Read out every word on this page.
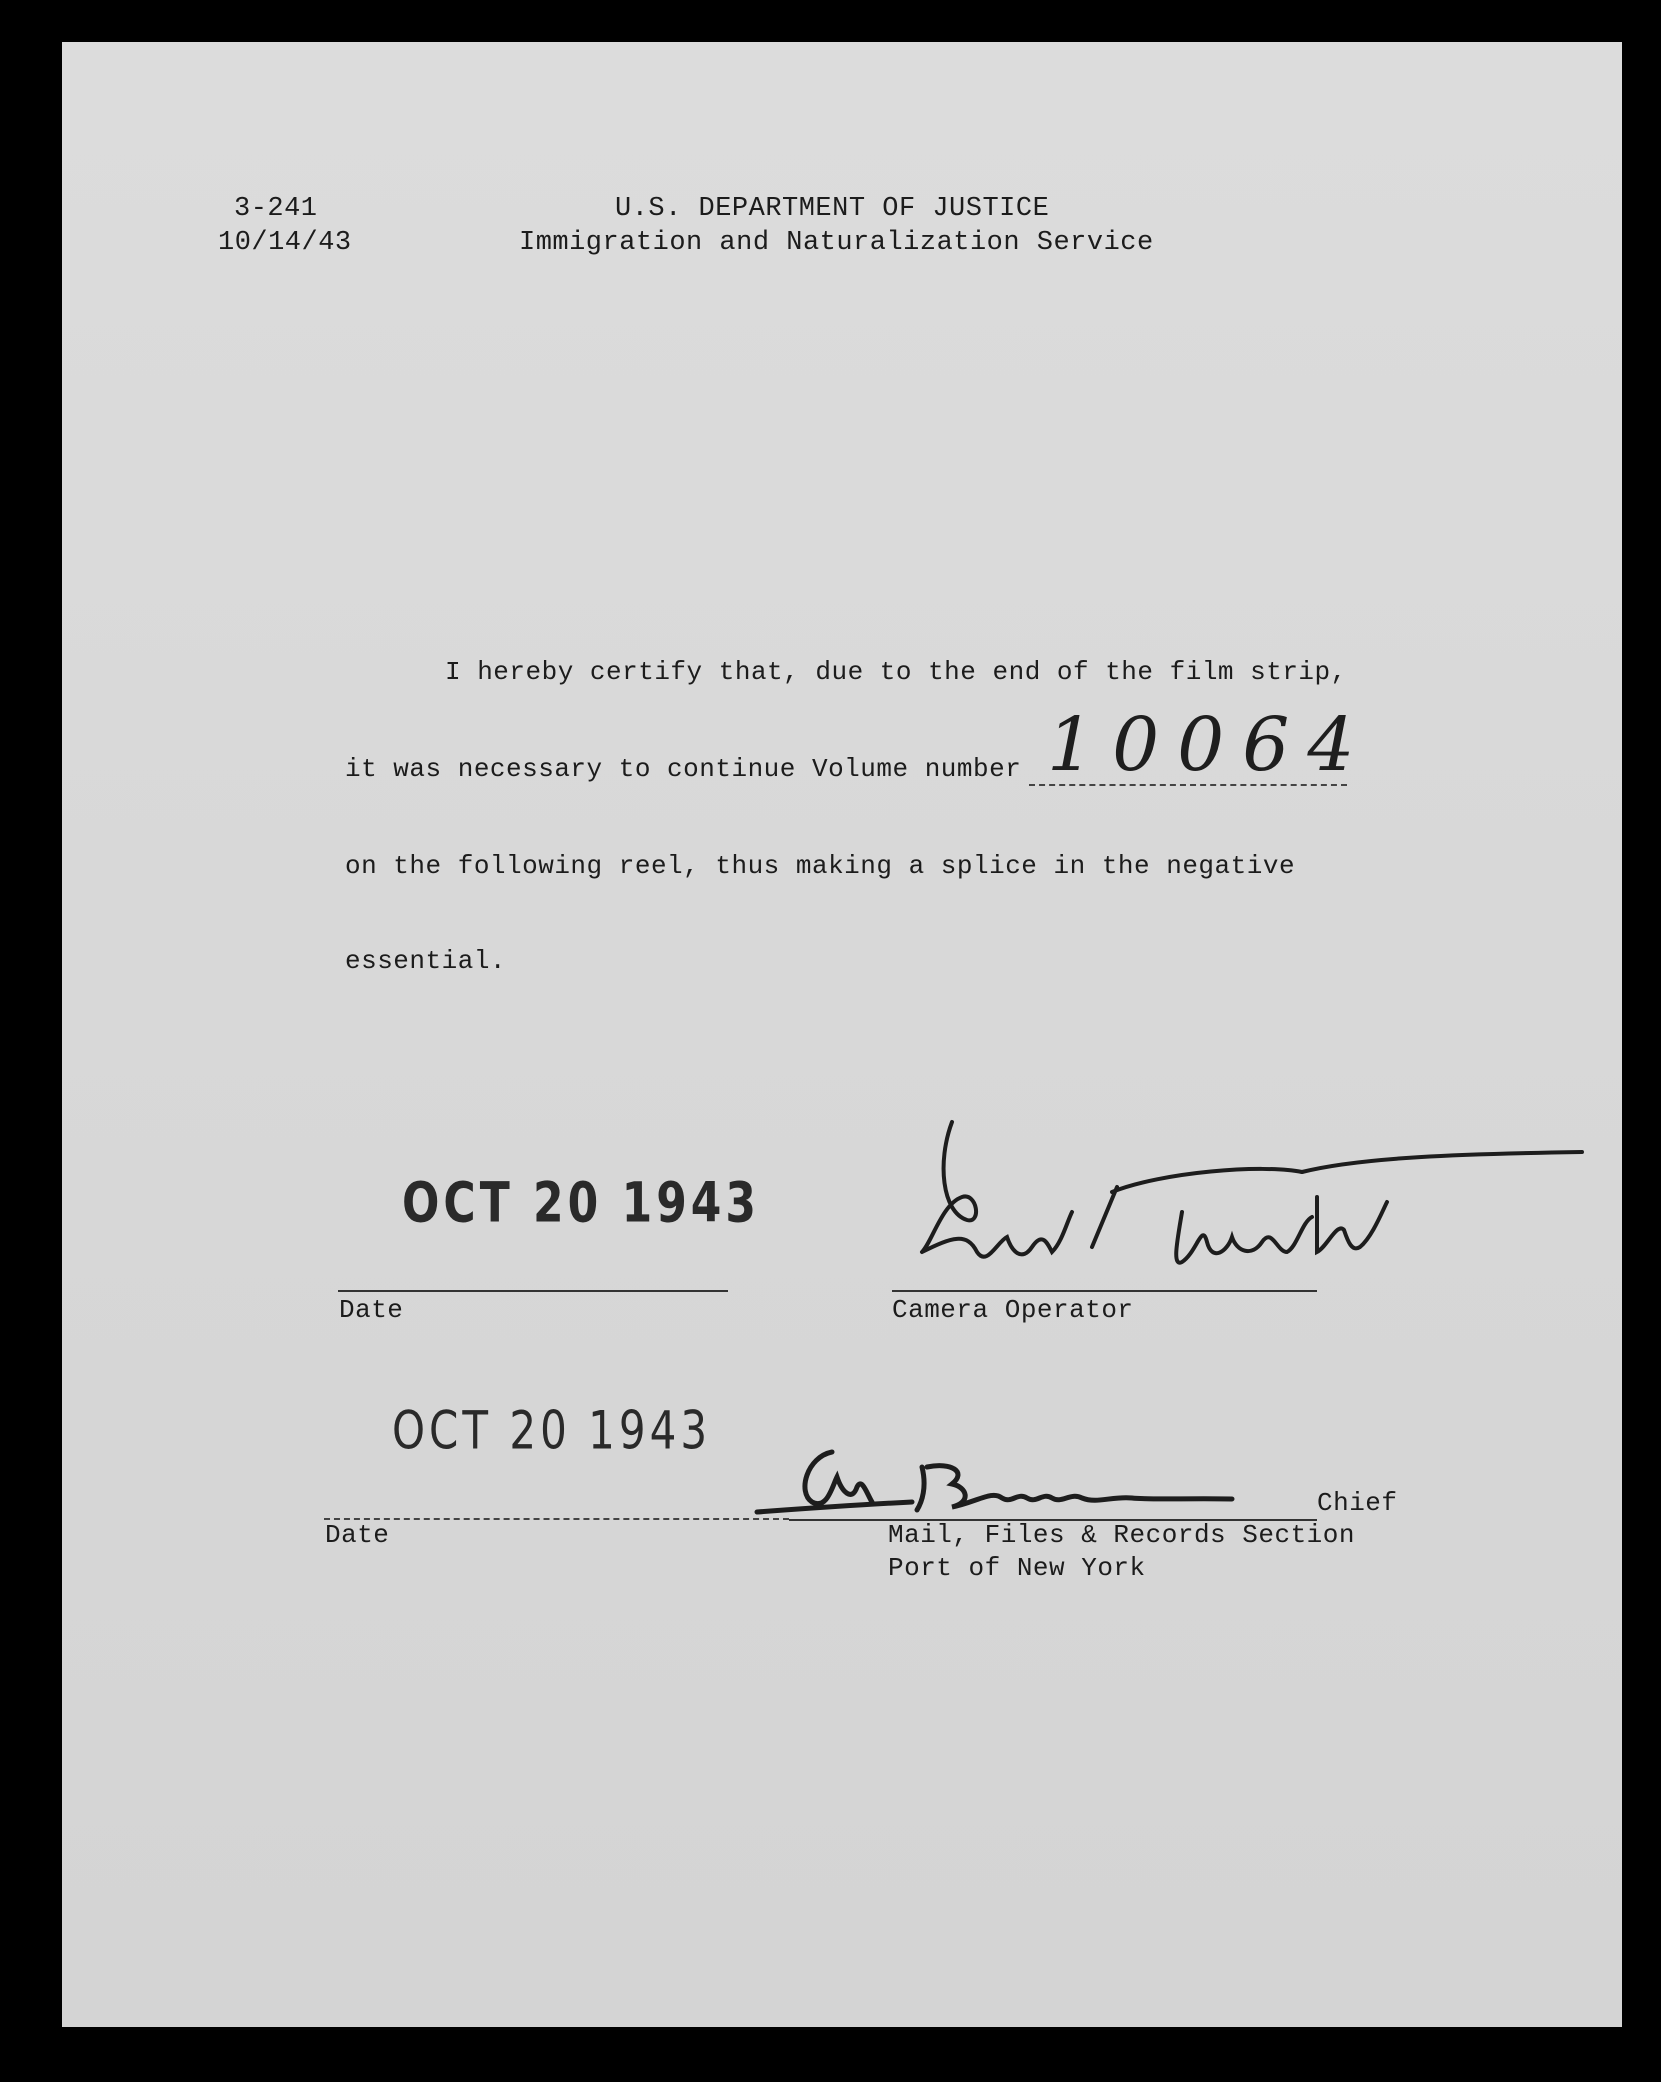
3-241
10/14/43
U.S. DEPARTMENT OF JUSTICE
Immigration and Naturalization Service
I hereby certify that, due to the end of the film strip,
it was necessary to continue Volume number 10064
on the following reel, thus making a splice in the negative
essential.
OCT 20 1943
Date	Camera Operator
OCT 20 1943
Date
Chief
Mail, Files & Records Section
Port of New York
